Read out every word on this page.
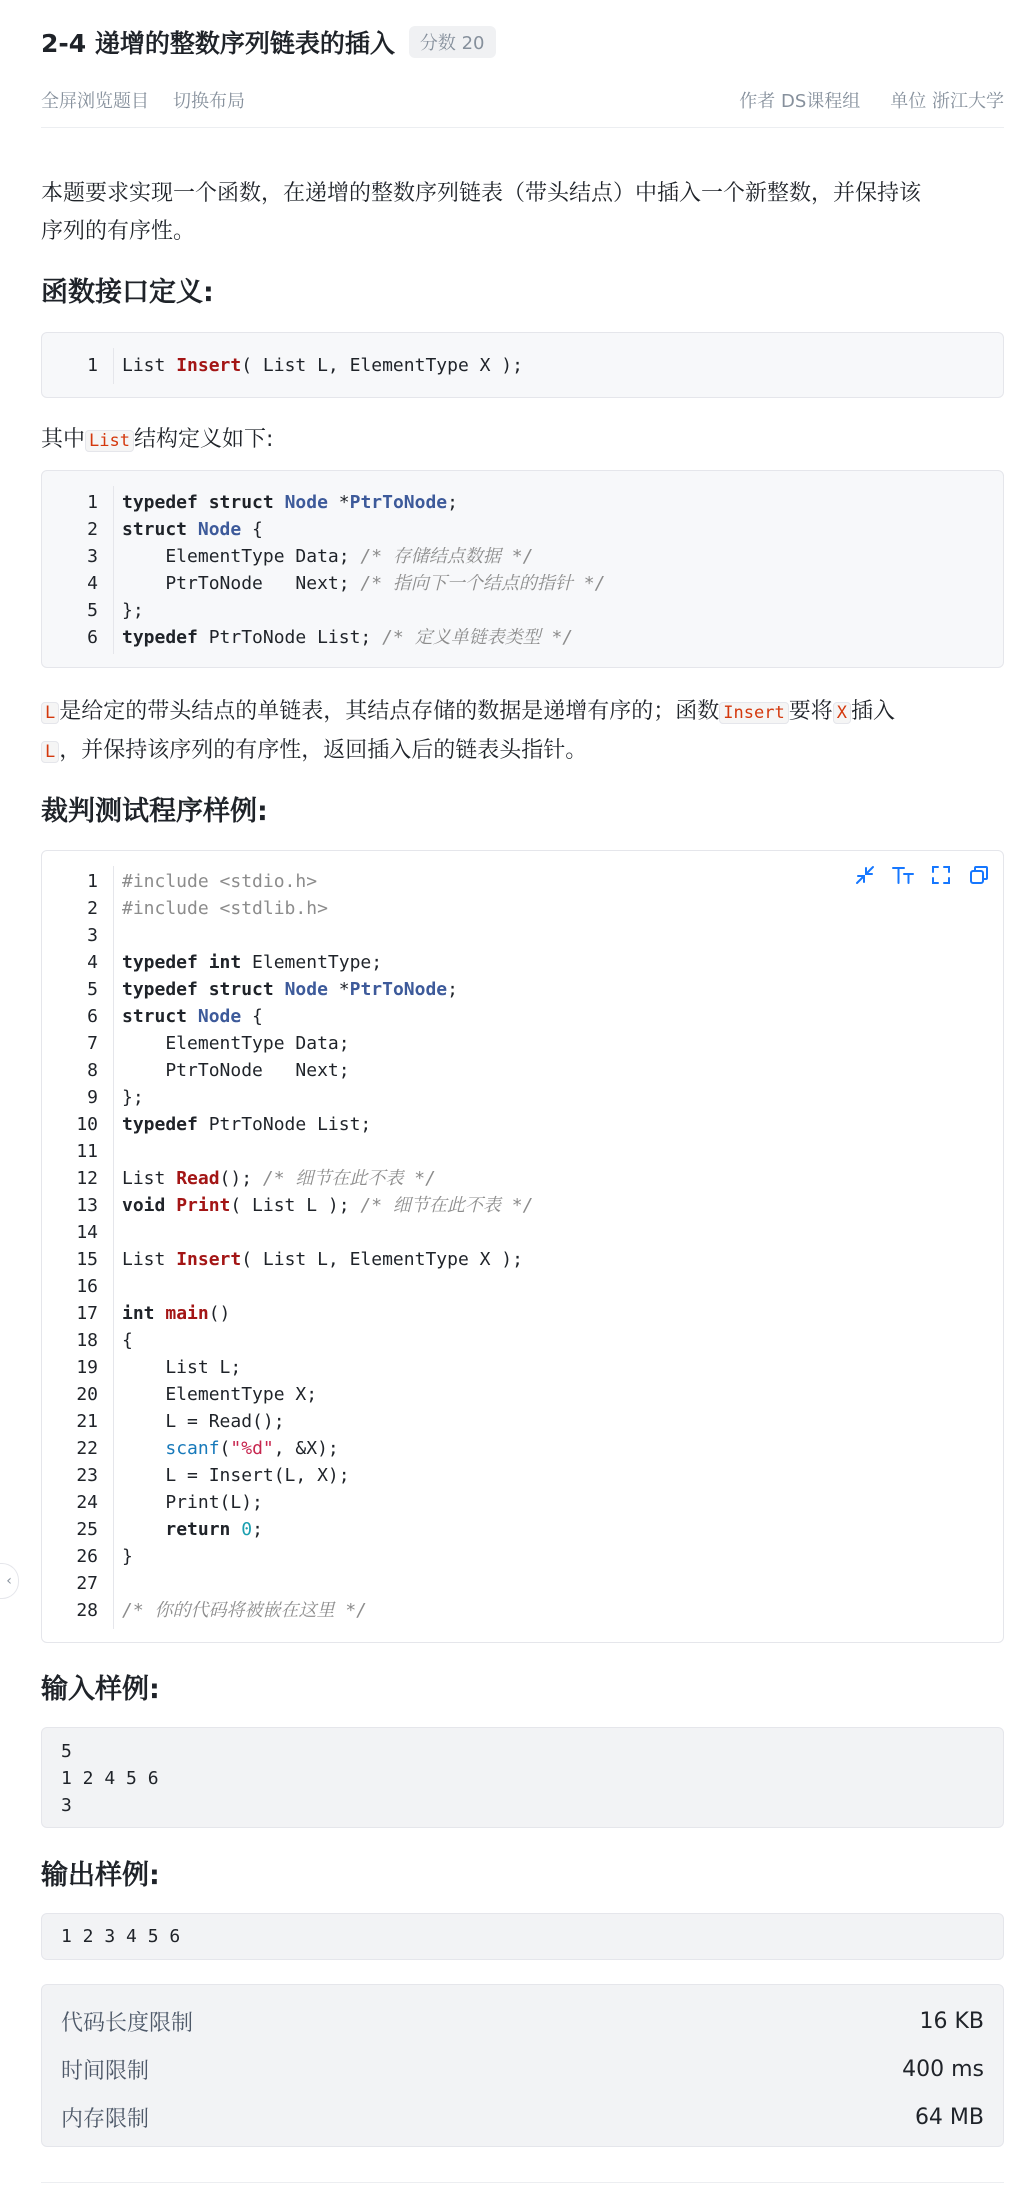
‹
2-4 递增的整数序列链表的插入	分数 20
全屏浏览题目 切换布局	作者 DS课程组 单位 浙江大学
本题要求实现一个函数，在递增的整数序列链表（带头结点）中插入一个新整数，并保持该
序列的有序性。
函数接口定义:
1 List Insert( List L, ElementType X );
其中 List 结构定义如下:
1 typedef struct Node *PtrToNode;
2 struct Node {
3    ElementType Data; /* 存储结点数据 */
4    PtrToNode   Next; /* 指向下一个结点的指针 */
5 };
6 typedef PtrToNode List; /* 定义单链表类型 */
L 是给定的带头结点的单链表，其结点存储的数据是递增有序的；函数 Insert 要将 X 插入
L ，并保持该序列的有序性，返回插入后的链表头指针。
裁判测试程序样例:
1 #include <stdio.h>
2 #include <stdlib.h>
3
4 typedef int ElementType;
5 typedef struct Node *PtrToNode;
6 struct Node {
7    ElementType Data;
8    PtrToNode   Next;
9 };
10 typedef PtrToNode List;
11
12 List Read(); /* 细节在此不表 */
13 void Print( List L ); /* 细节在此不表 */
14
15 List Insert( List L, ElementType X );
16
17 int main()
18 {
19    List L;
20    ElementType X;
21    L = Read();
22	scanf("%d", &X);
23    L = Insert(L, X);
24    Print(L);
25	return 0;
26 }
27
28 /* 你的代码将被嵌在这里 */
输入样例:
5
1 2 4 5 6
3
输出样例:
1 2 3 4 5 6
代码长度限制	16 KB
时间限制	400 ms
内存限制	64 MB
